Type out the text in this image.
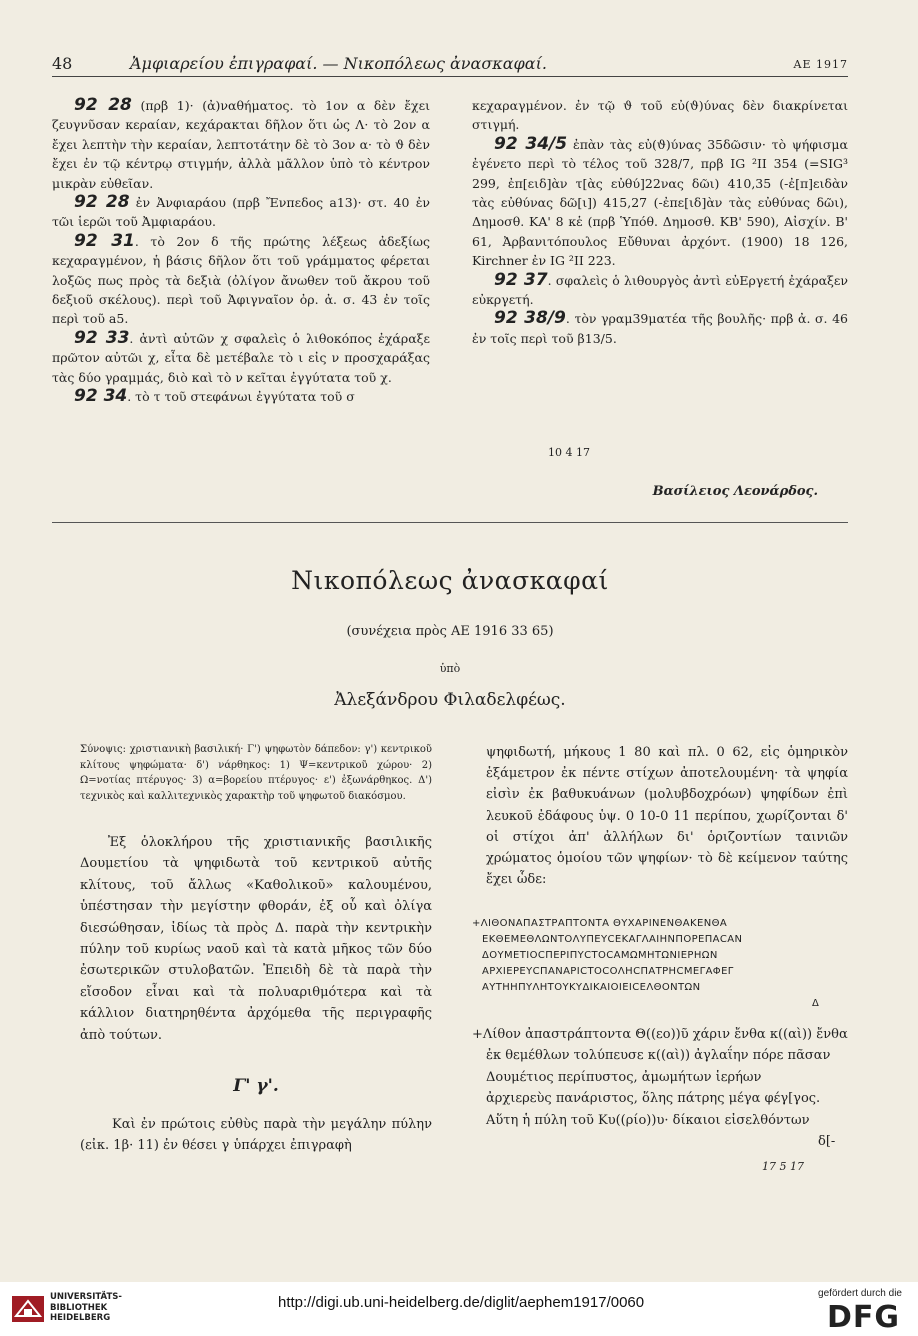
48	Ἀμφιαρείου ἐπιγραφαί. — Νικοπόλεως ἀνασκαφαί.	ΑΕ 1917

92 28 (πρβ 1)· (ἀ)ναθήματος. τὸ 1ον α δὲν ἔχει ζευγνῦσαν κεραίαν, κεχάρακται δῆλον ὅτι ὡς Λ· τὸ 2ον α ἔχει λεπτὴν τὴν κεραίαν, λεπτοτάτην δὲ τὸ 3ον α· τὸ ϑ δὲν ἔχει ἐν τῷ κέντρῳ στιγμήν, ἀλλὰ μᾶλλον ὑπὸ τὸ κέντρον μικρὰν εὐθεῖαν.

92 28 ἐν Ἀνφιαράου (πρβ Ἔνπεδος a13)· στ. 40 ἐν τῶι ἱερῶι τοῦ Ἀμφιαράου.

92 31. τὸ 2ον δ τῆς πρώτης λέξεως ἀδεξίως κεχαραγμένον, ἡ βάσις δῆλον ὅτι τοῦ γράμματος φέρεται λοξῶς πως πρὸς τὰ δεξιὰ (ὀλίγον ἄνωθεν τοῦ ἄκρου τοῦ δεξιοῦ σκέλους). περὶ τοῦ Ἀφιγναῖον ὀρ. ἀ. σ. 43 ἐν τοῖς περὶ τοῦ a5.

92 33. ἀντὶ αὐτῶν χ σφαλεὶς ὁ λιθοκόπος ἐχάραξε πρῶτον αὐτῶι χ, εἶτα δὲ μετέβαλε τὸ ι εἰς ν προσχαράξας τὰς δύο γραμμάς, διὸ καὶ τὸ ν κεῖται ἐγγύτατα τοῦ χ.

92 34. τὸ τ τοῦ στεφάνωι ἐγγύτατα τοῦ σ

κεχαραγμένον. ἐν τῷ ϑ τοῦ εὐ(ϑ)ύνας δὲν διακρίνεται στιγμή.

92 34/5 ἐπὰν τὰς εὐ(ϑ)ύνας 35δῶσιν· τὸ ψήφισμα ἐγένετο περὶ τὸ τέλος τοῦ 328/7, πρβ IG ²II 354 (=SIG³ 299, ἐπ[ειδ]ὰν τ[ὰς εὐθύ]22νας δῶι) 410,35 (-ἐ[π]ειδὰν τὰς εὐθύνας δῶ[ι]) 415,27 (-ἐπε[ιδ]ὰν τὰς εὐθύνας δῶι), Δημοσθ. ΚΑ' 8 κἑ (πρβ Ὑπόθ. Δημοσθ. ΚΒ' 590), Αἰσχίν. Β' 61, Ἀρβανιτόπουλος Εὔθυναι ἀρχόντ. (1900) 18 126, Kirchner ἐν IG ²II 223.

92 37. σφαλεὶς ὁ λιθουργὸς ἀντὶ εὐΕργετή ἐχάραξεν εὐκργετή.

92 38/9. τὸν γραμ39ματέα τῆς βουλῆς· πρβ ἀ. σ. 46 ἐν τοῖς περὶ τοῦ β13/5.

10 4 17
Βασίλειος Λεονάρδος.
Νικοπόλεως ἀνασκαφαί
(συνέχεια πρὸς ΑΕ 1916 33 65)
ὑπὸ
Ἀλεξάνδρου Φιλαδελφέως.
Σύνοψις: χριστιανικὴ βασιλική· Γ') ψηφωτὸν δάπεδον: γ') κεντρικοῦ κλίτους ψηφώματα· δ') νάρθηκος: 1) Ψ=κεντρικοῦ χώρου· 2) Ω=νοτίας πτέρυγος· 3) α=βορείου πτέρυγος· ε') ἐξωνάρθηκος. Δ') τεχνικὸς καὶ καλλιτεχνικὸς χαρακτὴρ τοῦ ψηφωτοῦ διακόσμου.
Ἐξ ὁλοκλήρου τῆς χριστιανικῆς βασιλικῆς Δουμετίου τὰ ψηφιδωτὰ τοῦ κεντρικοῦ αὐτῆς κλίτους, τοῦ ἄλλως «Καθολικοῦ» καλουμένου, ὑπέστησαν τὴν μεγίστην φθοράν, ἐξ οὗ καὶ ὀλίγα διεσώθησαν, ἰδίως τὰ πρὸς Δ. παρὰ τὴν κεντρικὴν πύλην τοῦ κυρίως ναοῦ καὶ τὰ κατὰ μῆκος τῶν δύο ἐσωτερικῶν στυλοβατῶν. Ἐπειδὴ δὲ τὰ παρὰ τὴν εἴσοδον εἶναι καὶ τὰ πολυαριθμότερα καὶ τὰ κάλλιον διατηρηθέντα ἀρχόμεθα τῆς περιγραφῆς ἀπὸ τούτων.
Γ' γ'.
Καὶ ἐν πρώτοις εὐθὺς παρὰ τὴν μεγάλην πύλην (εἰκ. 1β· 11) ἐν θέσει γ ὑπάρχει ἐπιγραφὴ
ψηφιδωτή, μήκους 1 80 καὶ πλ. 0 62, εἰς ὁμηρικὸν ἑξάμετρον ἐκ πέντε στίχων ἀποτελουμένη· τὰ ψηφία εἰσὶν ἐκ βαθυκυάνων (μολυβδοχρόων) ψηφίδων ἐπὶ λευκοῦ ἐδάφους ὑψ. 0 10-0 11 περίπου, χωρίζονται δ' οἱ στίχοι ἀπ' ἀλλήλων δι' ὁριζοντίων ταινιῶν χρώματος ὁμοίου τῶν ψηφίων· τὸ δὲ κείμενον ταύτης ἔχει ὧδε:
+ΛΙΘΟΝΑΠΑΣΤΡΑΠΤΟΝΤΑ ΘΥΧΑΡΙΝΕΝΘΑΚΕΝΘΑ
ΕΚΘΕΜΕΘΛΩΝΤΟΛΥΠΕΥCΕΚΑΓΛΑΙΗΝΠΟΡΕΠΑCΑΝ
ΔΟΥΜΕΤΙΟCΠΕΡΙΠΥCΤΟCΑΜΩΜΗΤΩΝΙΕΡΗΩΝ
ΑΡΧΙΕΡΕΥCΠΑΝΑΡΙCΤΟCΟΛΗCΠΑΤΡΗCΜΕΓΑΦΕΓ
ΑΥΤΗΗΠΥΛΗΤΟΥΚΥΔΙΚΑΙΟΙΕΙCΕΛΘΟΝΤΩΝ
Δ
+Λίθον ἀπαστράπτοντα Θ((εο))ῦ χάριν ἔνθα κ((αὶ)) ἔνθα
ἐκ θεμέθλων τολύπευσε κ((αὶ)) ἀγλαΐην πόρε πᾶσαν
Δουμέτιος περίπυστος, ἀμωμήτων ἱερήων
ἀρχιερεὺς πανάριστος, ὅλης πάτρης μέγα φέγ[γος.
Αὕτη ἡ πύλη τοῦ Κυ((ρίο))υ· δίκαιοι εἰσελθόντων
δ[-
17 5 17
UNIVERSITÄTS-
BIBLIOTHEK
HEIDELBERG
http://digi.ub.uni-heidelberg.de/diglit/aephem1917/0060
gefördert durch die
DFG
